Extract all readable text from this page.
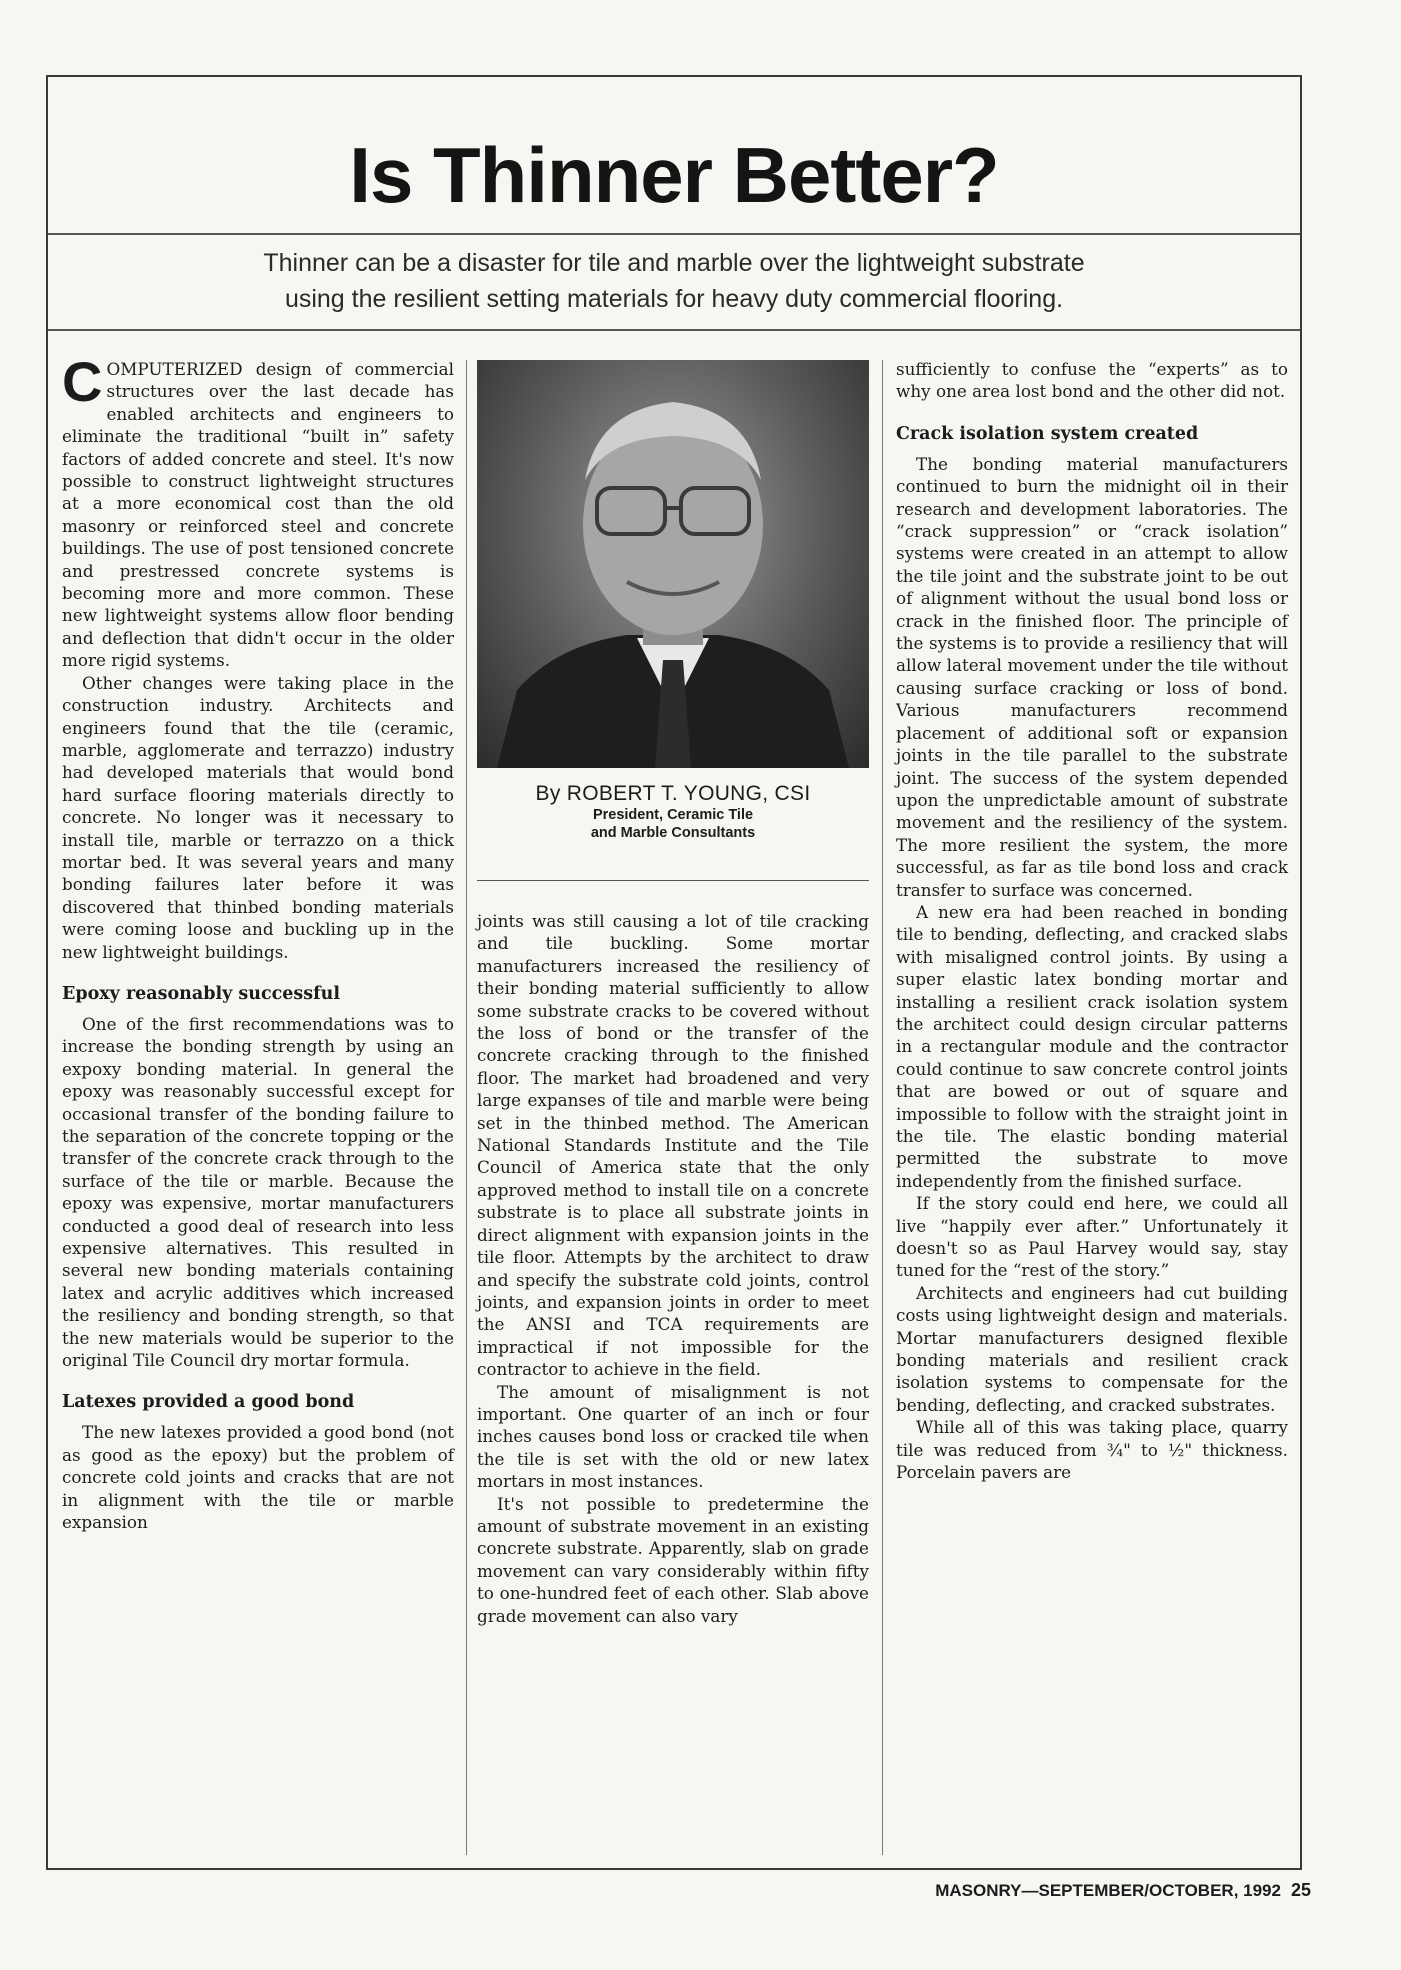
Is Thinner Better?
Thinner can be a disaster for tile and marble over the lightweight substrate
using the resilient setting materials for heavy duty commercial flooring.

COMPUTERIZED design of commercial structures over the last decade has enabled architects and engineers to eliminate the traditional “built in” safety factors of added concrete and steel. It's now possible to construct lightweight structures at a more economical cost than the old masonry or reinforced steel and concrete buildings. The use of post tensioned concrete and prestressed concrete systems is becoming more and more common. These new lightweight systems allow floor bending and deflection that didn't occur in the older more rigid systems.

Other changes were taking place in the construction industry. Architects and engineers found that the tile (ceramic, marble, agglomerate and terrazzo) industry had developed materials that would bond hard surface flooring materials directly to concrete. No longer was it necessary to install tile, marble or terrazzo on a thick mortar bed. It was several years and many bonding failures later before it was discovered that thinbed bonding materials were coming loose and buckling up in the new lightweight buildings.

Epoxy reasonably successful

One of the first recommendations was to increase the bonding strength by using an expoxy bonding material. In general the epoxy was reasonably successful except for occasional transfer of the bonding failure to the separation of the concrete topping or the transfer of the concrete crack through to the surface of the tile or marble. Because the epoxy was expensive, mortar manufacturers conducted a good deal of research into less expensive alternatives. This resulted in several new bonding materials containing latex and acrylic additives which increased the resiliency and bonding strength, so that the new materials would be superior to the original Tile Council dry mortar formula.

Latexes provided a good bond

The new latexes provided a good bond (not as good as the epoxy) but the problem of concrete cold joints and cracks that are not in alignment with the tile or marble expansion

By ROBERT T. YOUNG, CSI
President, Ceramic Tile
and Marble Consultants

joints was still causing a lot of tile cracking and tile buckling. Some mortar manufacturers increased the resiliency of their bonding material sufficiently to allow some substrate cracks to be covered without the loss of bond or the transfer of the concrete cracking through to the finished floor. The market had broadened and very large expanses of tile and marble were being set in the thinbed method. The American National Standards Institute and the Tile Council of America state that the only approved method to install tile on a concrete substrate is to place all substrate joints in direct alignment with expansion joints in the tile floor. Attempts by the architect to draw and specify the substrate cold joints, control joints, and expansion joints in order to meet the ANSI and TCA requirements are impractical if not impossible for the contractor to achieve in the field.

The amount of misalignment is not important. One quarter of an inch or four inches causes bond loss or cracked tile when the tile is set with the old or new latex mortars in most instances.

It's not possible to predetermine the amount of substrate movement in an existing concrete substrate. Apparently, slab on grade movement can vary considerably within fifty to one-hundred feet of each other. Slab above grade movement can also vary

sufficiently to confuse the “experts” as to why one area lost bond and the other did not.

Crack isolation system created

The bonding material manufacturers continued to burn the midnight oil in their research and development laboratories. The “crack suppression” or “crack isolation” systems were created in an attempt to allow the tile joint and the substrate joint to be out of alignment without the usual bond loss or crack in the finished floor. The principle of the systems is to provide a resiliency that will allow lateral movement under the tile without causing surface cracking or loss of bond. Various manufacturers recommend placement of additional soft or expansion joints in the tile parallel to the substrate joint. The success of the system depended upon the unpredictable amount of substrate movement and the resiliency of the system. The more resilient the system, the more successful, as far as tile bond loss and crack transfer to surface was concerned.

A new era had been reached in bonding tile to bending, deflecting, and cracked slabs with misaligned control joints. By using a super elastic latex bonding mortar and installing a resilient crack isolation system the architect could design circular patterns in a rectangular module and the contractor could continue to saw concrete control joints that are bowed or out of square and impossible to follow with the straight joint in the tile. The elastic bonding material permitted the substrate to move independently from the finished surface.

If the story could end here, we could all live “happily ever after.” Unfortunately it doesn't so as Paul Harvey would say, stay tuned for the “rest of the story.”

Architects and engineers had cut building costs using lightweight design and materials. Mortar manufacturers designed flexible bonding materials and resilient crack isolation systems to compensate for the bending, deflecting, and cracked substrates.

While all of this was taking place, quarry tile was reduced from ¾" to ½" thickness. Porcelain pavers are

MASONRY—SEPTEMBER/OCTOBER, 1992 25
